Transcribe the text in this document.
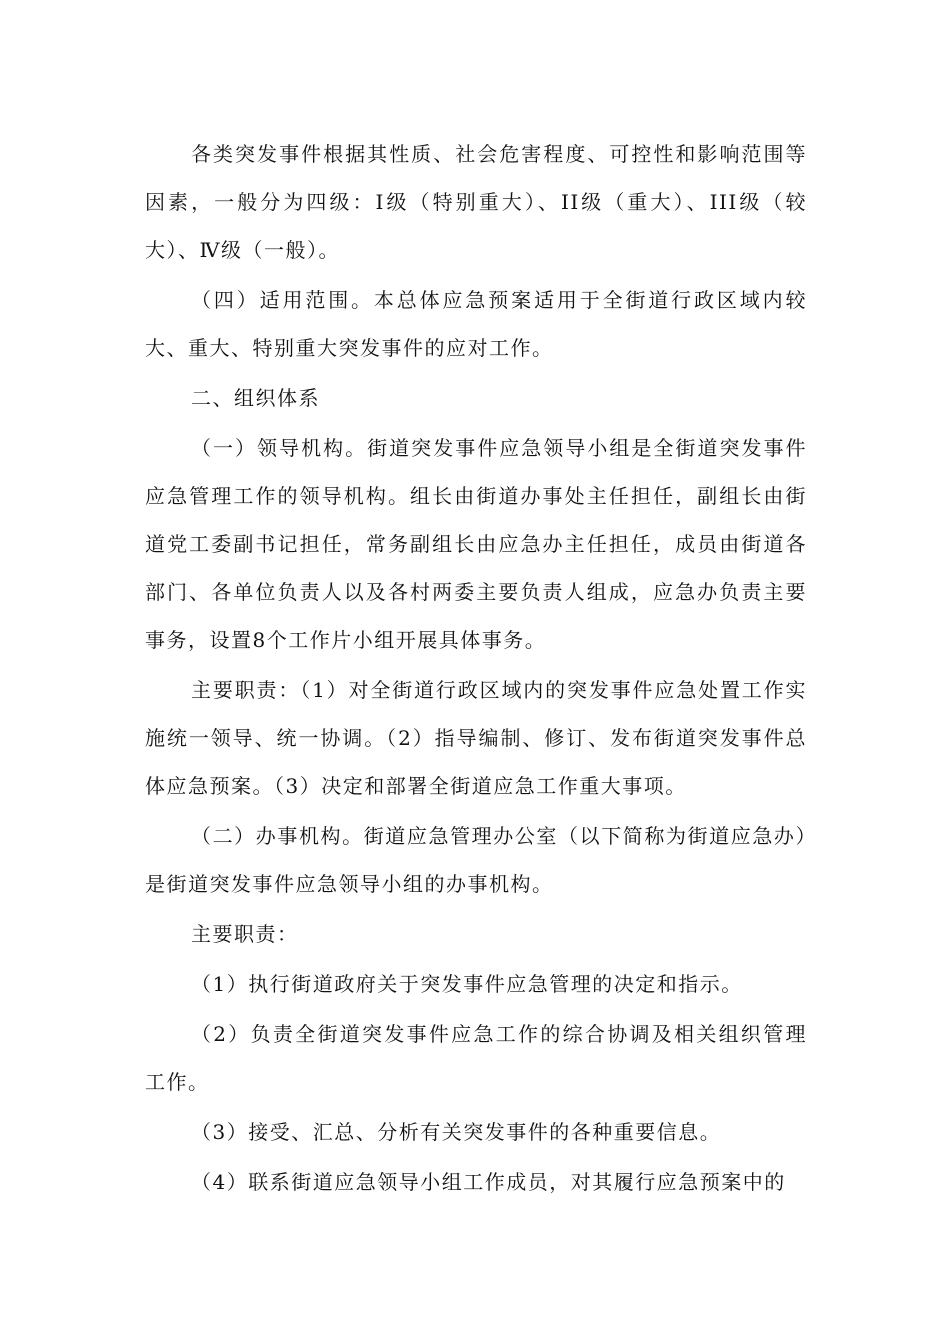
各类突发事件根据其性质、社会危害程度、可控性和影响范围等因素，一般分为四级：Ⅰ级（特别重大）、II级（重大）、III级（较大）、Ⅳ级（一般）。

（四）适用范围。本总体应急预案适用于全街道行政区域内较大、重大、特别重大突发事件的应对工作。

二、组织体系

（一）领导机构。街道突发事件应急领导小组是全街道突发事件应急管理工作的领导机构。组长由街道办事处主任担任，副组长由街道党工委副书记担任，常务副组长由应急办主任担任，成员由街道各部门、各单位负责人以及各村两委主要负责人组成，应急办负责主要事务，设置8个工作片小组开展具体事务。

主要职责：（1）对全街道行政区域内的突发事件应急处置工作实施统一领导、统一协调。（2）指导编制、修订、发布街道突发事件总体应急预案。（3）决定和部署全街道应急工作重大事项。

（二）办事机构。街道应急管理办公室（以下简称为街道应急办）是街道突发事件应急领导小组的办事机构。

主要职责：

（1）执行街道政府关于突发事件应急管理的决定和指示。

（2）负责全街道突发事件应急工作的综合协调及相关组织管理工作。

（3）接受、汇总、分析有关突发事件的各种重要信息。

（4）联系街道应急领导小组工作成员，对其履行应急预案中的
